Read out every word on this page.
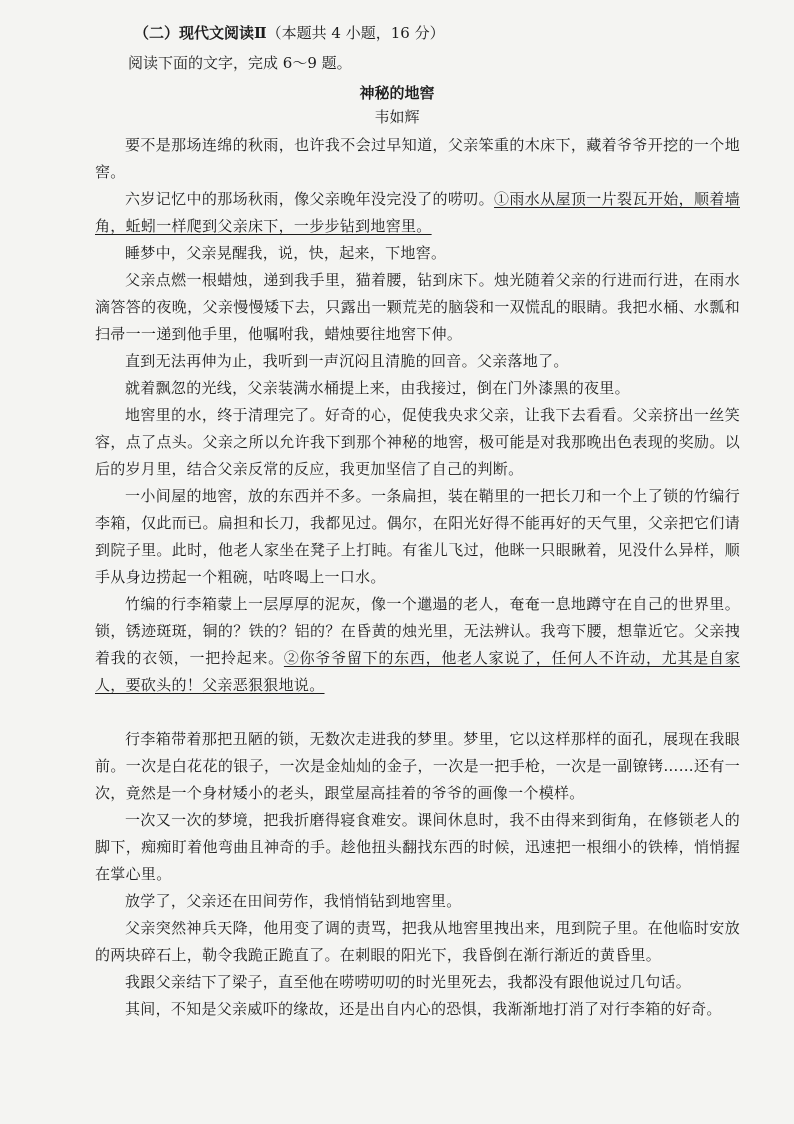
（二）现代文阅读Ⅱ（本题共 4 小题，16 分）
阅读下面的文字，完成 6～9 题。
神秘的地窖
韦如辉
要不是那场连绵的秋雨，也许我不会过早知道，父亲笨重的木床下，藏着爷爷开挖的一个地窖。
六岁记忆中的那场秋雨，像父亲晚年没完没了的唠叨。①雨水从屋顶一片裂瓦开始，顺着墙角，蚯蚓一样爬到父亲床下，一步步钻到地窖里。
睡梦中，父亲晃醒我，说，快，起来，下地窖。
父亲点燃一根蜡烛，递到我手里，猫着腰，钻到床下。烛光随着父亲的行进而行进，在雨水滴答答的夜晚，父亲慢慢矮下去，只露出一颗荒芜的脑袋和一双慌乱的眼睛。我把水桶、水瓢和扫帚一一递到他手里，他嘱咐我，蜡烛要往地窖下伸。
直到无法再伸为止，我听到一声沉闷且清脆的回音。父亲落地了。
就着飘忽的光线，父亲装满水桶提上来，由我接过，倒在门外漆黑的夜里。
地窖里的水，终于清理完了。好奇的心，促使我央求父亲，让我下去看看。父亲挤出一丝笑容，点了点头。父亲之所以允许我下到那个神秘的地窖，极可能是对我那晚出色表现的奖励。以后的岁月里，结合父亲反常的反应，我更加坚信了自己的判断。
一小间屋的地窖，放的东西并不多。一条扁担，装在鞘里的一把长刀和一个上了锁的竹编行李箱，仅此而已。扁担和长刀，我都见过。偶尔，在阳光好得不能再好的天气里，父亲把它们请到院子里。此时，他老人家坐在凳子上打盹。有雀儿飞过，他眯一只眼瞅着，见没什么异样，顺手从身边捞起一个粗碗，咕咚喝上一口水。
竹编的行李箱蒙上一层厚厚的泥灰，像一个邋遢的老人，奄奄一息地蹲守在自己的世界里。锁，锈迹斑斑，铜的？铁的？铝的？在昏黄的烛光里，无法辨认。我弯下腰，想靠近它。父亲拽着我的衣领，一把拎起来。②你爷爷留下的东西，他老人家说了，任何人不许动，尤其是自家人，要砍头的！父亲恶狠狠地说。
行李箱带着那把丑陋的锁，无数次走进我的梦里。梦里，它以这样那样的面孔，展现在我眼前。一次是白花花的银子，一次是金灿灿的金子，一次是一把手枪，一次是一副镣铐……还有一次，竟然是一个身材矮小的老头，跟堂屋高挂着的爷爷的画像一个模样。
一次又一次的梦境，把我折磨得寝食难安。课间休息时，我不由得来到街角，在修锁老人的脚下，痴痴盯着他弯曲且神奇的手。趁他扭头翻找东西的时候，迅速把一根细小的铁棒，悄悄握在掌心里。
放学了，父亲还在田间劳作，我悄悄钻到地窖里。
父亲突然神兵天降，他用变了调的责骂，把我从地窖里拽出来，甩到院子里。在他临时安放的两块碎石上，勒令我跪正跪直了。在刺眼的阳光下，我昏倒在渐行渐近的黄昏里。
我跟父亲结下了梁子，直至他在唠唠叨叨的时光里死去，我都没有跟他说过几句话。
其间，不知是父亲威吓的缘故，还是出自内心的恐惧，我渐渐地打消了对行李箱的好奇。
